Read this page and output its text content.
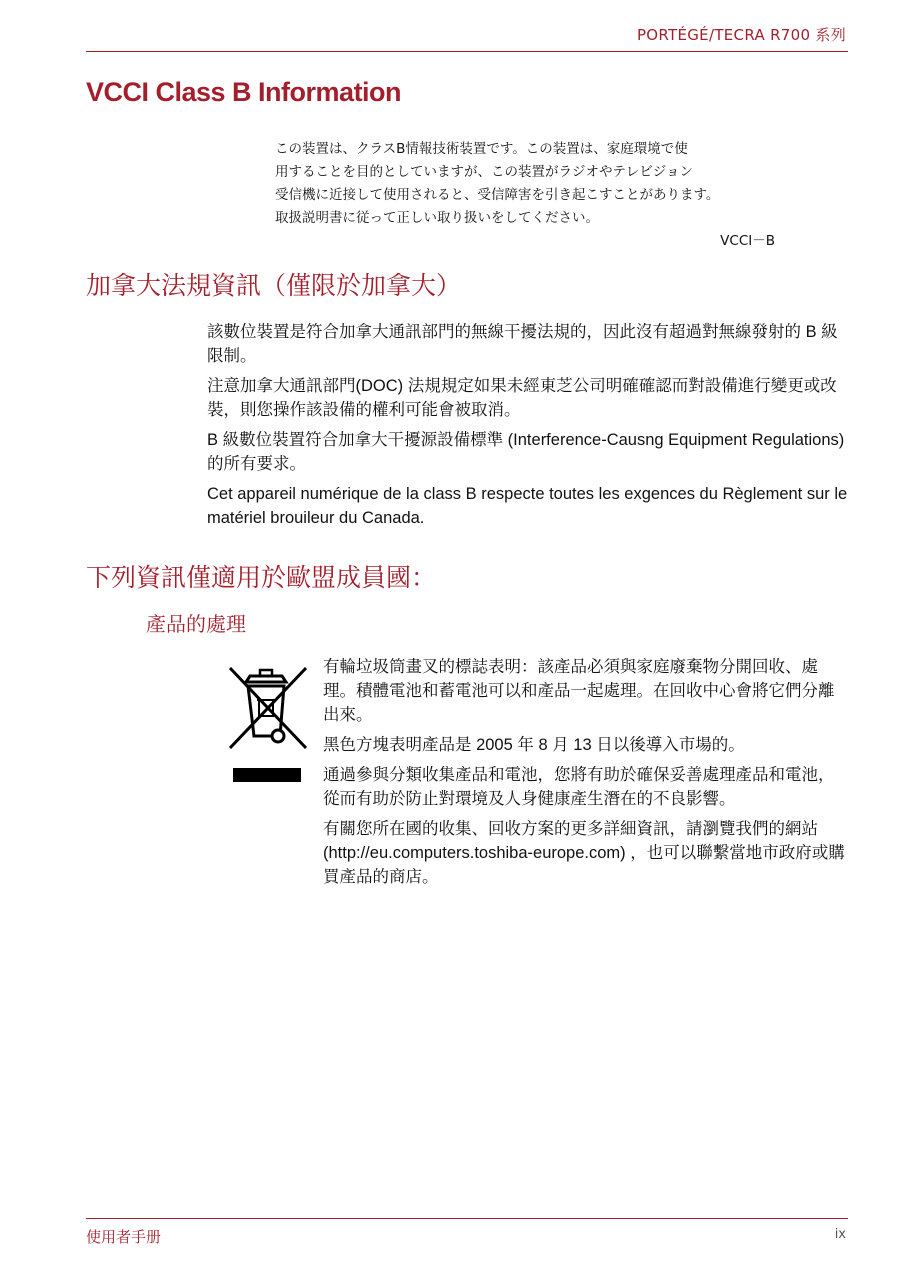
PORTÉGÉ/TECRA R700 系列
VCCI Class B Information
この装置は、クラスB情報技術装置です。この装置は、家庭環境で使
用することを目的としていますが、この装置がラジオやテレビジョン
受信機に近接して使用されると、受信障害を引き起こすことがあります。
取扱説明書に従って正しい取り扱いをしてください。
VCCI－B
加拿大法規資訊（僅限於加拿大）

該數位裝置是符合加拿大通訊部門的無線干擾法規的，因此沒有超過對無線發射的 B 級限制。

注意加拿大通訊部門(DOC) 法規規定如果未經東芝公司明確確認而對設備進行變更或改裝，則您操作該設備的權利可能會被取消。

B 級數位裝置符合加拿大干擾源設備標準 (Interference-Causng Equipment Regulations) 的所有要求。

Cet appareil numérique de la class B respecte toutes les exgences du Règlement sur le matériel brouileur du Canada.

下列資訊僅適用於歐盟成員國：
產品的處理

有輪垃圾筒畫叉的標誌表明：該產品必須與家庭廢棄物分開回收、處理。積體電池和蓄電池可以和產品一起處理。在回收中心會將它們分離出來。

黑色方塊表明產品是 2005 年 8 月 13 日以後導入市場的。

通過參與分類收集產品和電池，您將有助於確保妥善處理產品和電池，從而有助於防止對環境及人身健康產生潛在的不良影響。

有關您所在國的收集、回收方案的更多詳細資訊，請瀏覽我們的網站 (http://eu.computers.toshiba-europe.com) ，也可以聯繫當地市政府或購買產品的商店。

使用者手册	ix
